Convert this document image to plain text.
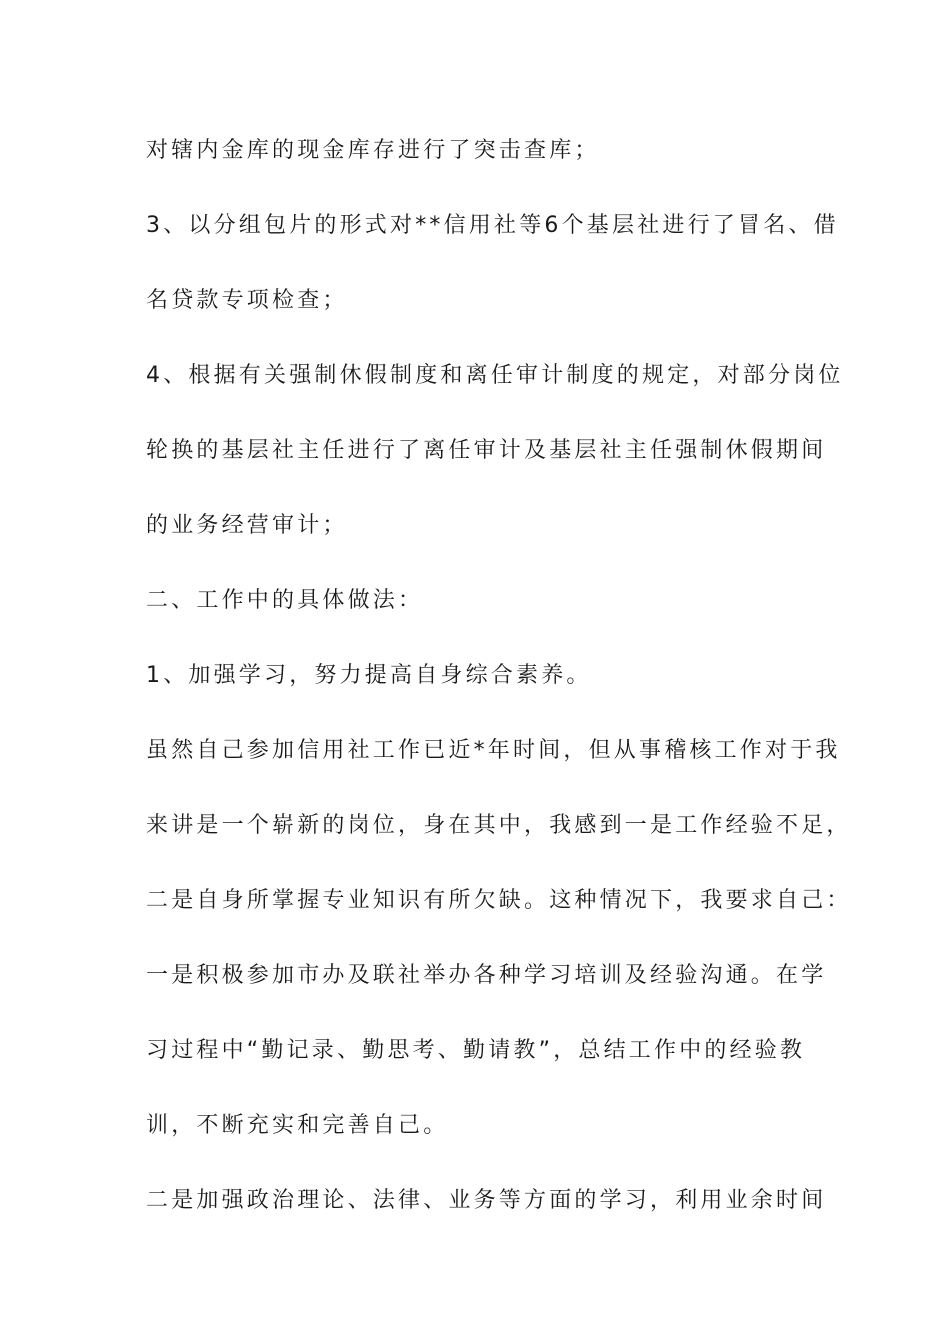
对辖内金库的现金库存进行了突击查库；
3、以分组包片的形式对**信用社等6个基层社进行了冒名、借
名贷款专项检查；
4、根据有关强制休假制度和离任审计制度的规定，对部分岗位
轮换的基层社主任进行了离任审计及基层社主任强制休假期间
的业务经营审计；
二、工作中的具体做法：
1、加强学习，努力提高自身综合素养。
虽然自己参加信用社工作已近*年时间，但从事稽核工作对于我
来讲是一个崭新的岗位，身在其中，我感到一是工作经验不足，
二是自身所掌握专业知识有所欠缺。这种情况下，我要求自己：
一是积极参加市办及联社举办各种学习培训及经验沟通。在学
习过程中“勤记录、勤思考、勤请教”，总结工作中的经验教
训，不断充实和完善自己。
二是加强政治理论、法律、业务等方面的学习，利用业余时间
